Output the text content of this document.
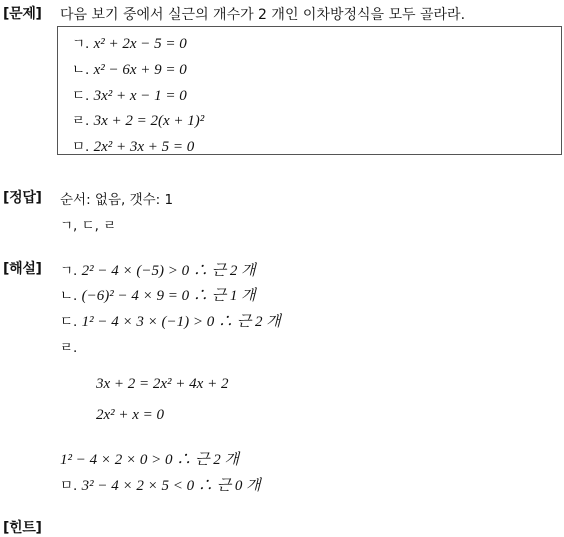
[문제] 다음 보기 중에서 실근의 개수가 2 개인 이차방정식을 모두 골라라.
ㄱ. x² + 2x − 5 = 0
ㄴ. x² − 6x + 9 = 0
ㄷ. 3x² + x − 1 = 0
ㄹ. 3x + 2 = 2(x + 1)²
ㅁ. 2x² + 3x + 5 = 0
[정답] 순서: 없음, 갯수: 1
ㄱ, ㄷ, ㄹ
[해설] ㄱ. 2² − 4 × (−5) > 0 ∴ 근 2 개
ㄴ. (−6)² − 4 × 9 = 0 ∴ 근 1 개
ㄷ. 1² − 4 × 3 × (−1) > 0 ∴ 근 2 개
ㄹ.
3x + 2 = 2x² + 4x + 2
2x² + x = 0
1² − 4 × 2 × 0 > 0 ∴ 근 2 개
ㅁ. 3² − 4 × 2 × 5 < 0 ∴ 근 0 개
[힌트]
